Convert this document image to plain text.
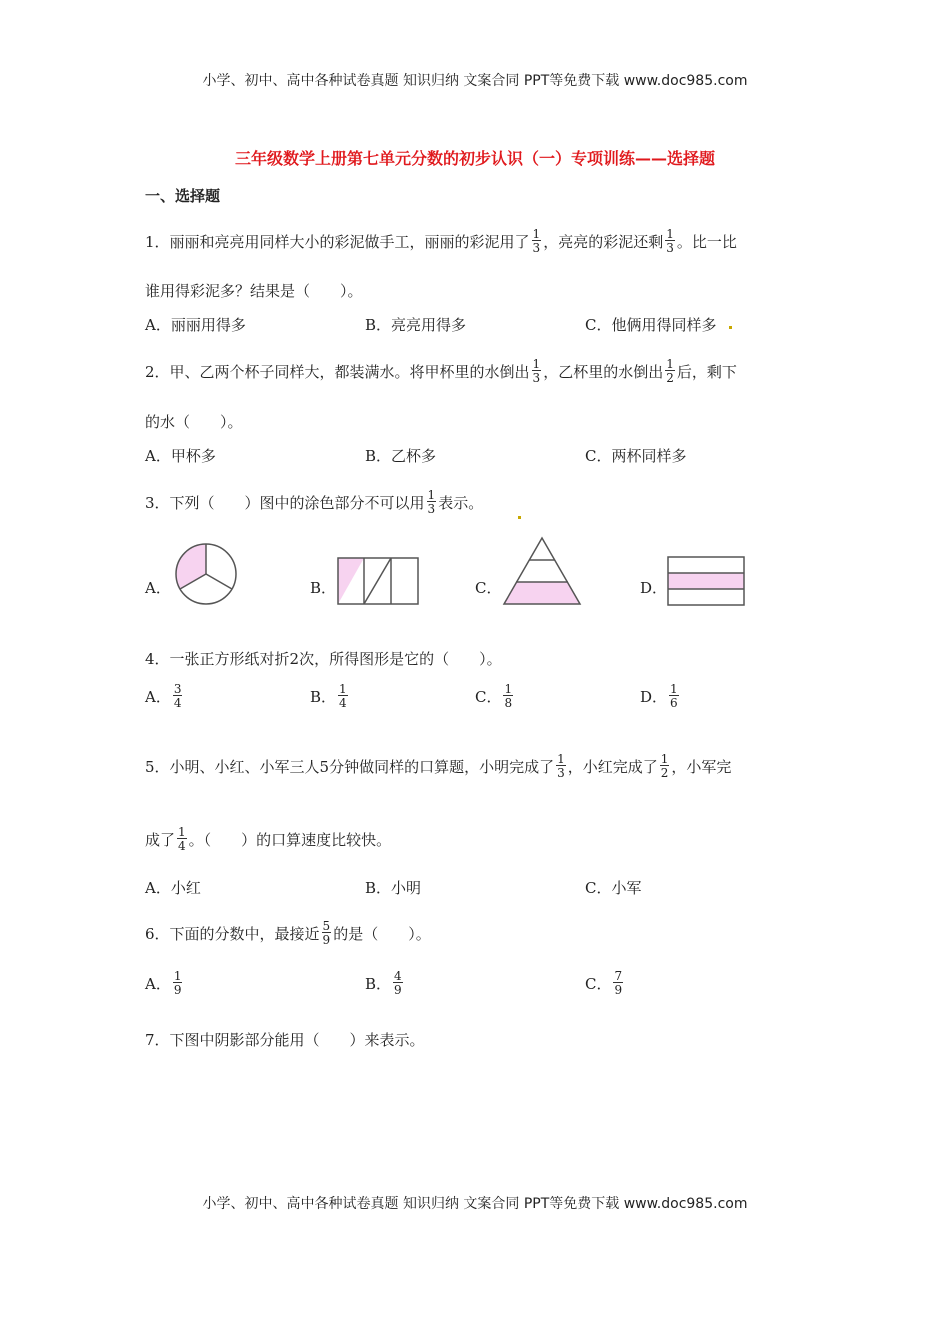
小学、初中、高中各种试卷真题 知识归纳 文案合同 PPT等免费下载 www.doc985.com
三年级数学上册第七单元分数的初步认识（一）专项训练——选择题
一、选择题
1．丽丽和亮亮用同样大小的彩泥做手工，丽丽的彩泥用了 $\frac{1}{3}$ ，亮亮的彩泥还剩 $\frac{1}{3}$ 。比一比
谁用得彩泥多？结果是（　　）。
A．丽丽用得多	B．亮亮用得多	C．他俩用得同样多
2．甲、乙两个杯子同样大，都装满水。将甲杯里的水倒出 $\frac{1}{3}$ ，乙杯里的水倒出 $\frac{1}{2}$ 后，剩下
的水（　　）。
A．甲杯多	B．乙杯多	C．两杯同样多
3．下列（　　）图中的涂色部分不可以用 $\frac{1}{3}$ 表示。
A．	B．	C．	D．
4．一张正方形纸对折2次，所得图形是它的（　　）。
A． $\frac{3}{4}$	B． $\frac{1}{4}$	C． $\frac{1}{8}$	D． $\frac{1}{6}$
5．小明、小红、小军三人5分钟做同样的口算题，小明完成了 $\frac{1}{3}$ ，小红完成了 $\frac{1}{2}$ ，小军完
成了 $\frac{1}{4}$ 。（　　）的口算速度比较快。
A．小红	B．小明	C．小军
6．下面的分数中，最接近 $\frac{5}{9}$ 的是（　　）。
A． $\frac{1}{9}$	B． $\frac{4}{9}$	C． $\frac{7}{9}$
7．下图中阴影部分能用（　　）来表示。
小学、初中、高中各种试卷真题 知识归纳 文案合同 PPT等免费下载 www.doc985.com
